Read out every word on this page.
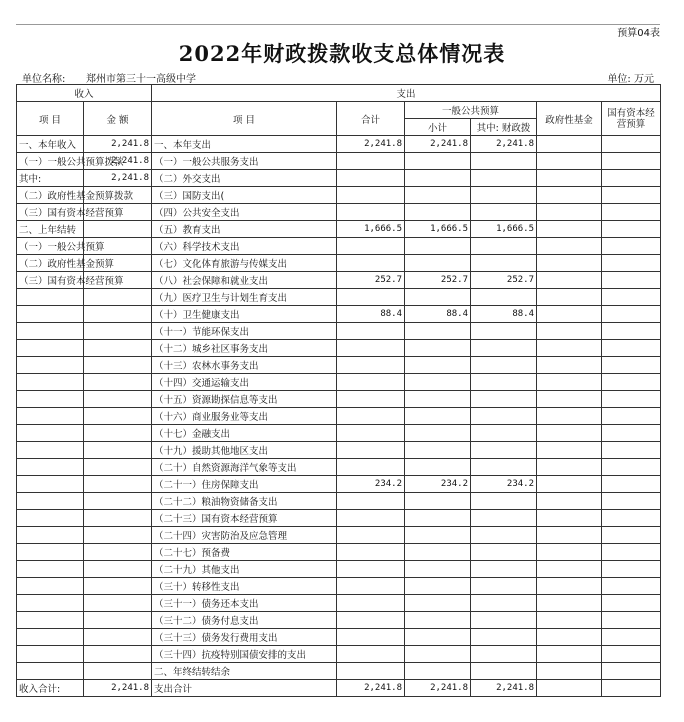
预算04表
2022年财政拨款收支总体情况表
单位名称: 郑州市第三十一高级中学	单位: 万元
收入		支出					
项 目	金 额	项 目	合计	一般公共预算		政府性基金	国有资本经营预算
				小计	其中: 财政拨		
一、本年收入	2,241.8	一、本年支出	2,241.8	2,241.8	2,241.8		
（一）一般公共预算拨款	2,241.8	（一）一般公共服务支出					
其中:	2,241.8	（二）外交支出					
（二）政府性基金预算拨款		（三）国防支出(					
（三）国有资本经营预算		（四）公共安全支出					
二、上年结转		（五）教育支出	1,666.5	1,666.5	1,666.5		
（一）一般公共预算		（六）科学技术支出					
（二）政府性基金预算		（七）文化体育旅游与传媒支出					
（三）国有资本经营预算		（八）社会保障和就业支出	252.7	252.7	252.7		
		（九）医疗卫生与计划生育支出					
		（十）卫生健康支出	88.4	88.4	88.4		
		（十一）节能环保支出					
		（十二）城乡社区事务支出					
		（十三）农林水事务支出					
		（十四）交通运输支出					
		（十五）资源勘探信息等支出					
		（十六）商业服务业等支出					
		（十七）金融支出					
		（十九）援助其他地区支出					
		（二十）自然资源海洋气象等支出					
		（二十一）住房保障支出	234.2	234.2	234.2		
		（二十二）粮油物资储备支出					
		（二十三）国有资本经营预算					
		（二十四）灾害防治及应急管理					
		（二十七）预备费					
		（二十九）其他支出					
		（三十）转移性支出					
		（三十一）债务还本支出					
		（三十二）债务付息支出					
		（三十三）债务发行费用支出					
		（三十四）抗疫特别国债安排的支出					
		二、年终结转结余					
收入合计:	2,241.8	支出合计	2,241.8	2,241.8	2,241.8		
